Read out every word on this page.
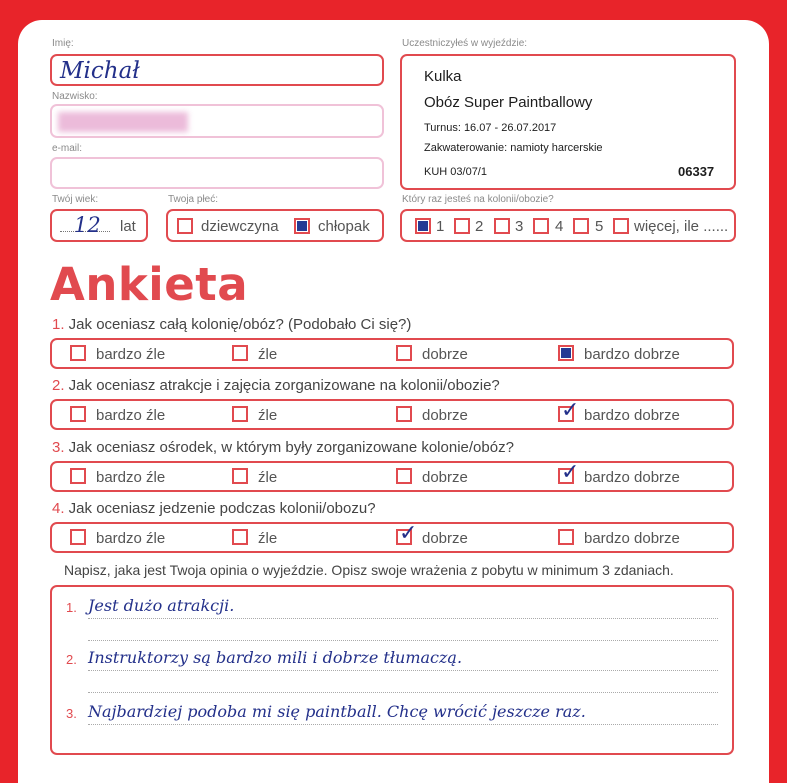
Imię:
Michał
Nazwisko:
e-mail:
Twój wiek:
12 lat
Twoja płeć:
dziewczyna	chłopak
Uczestniczyłeś w wyjeździe:
Kulka
Obóz Super Paintballowy
Turnus: 16.07 - 26.07.2017
Zakwaterowanie: namioty harcerskie
KUH 03/07/1	06337
Który raz jesteś na kolonii/obozie?
1 2 3 4 5 więcej, ile ......
Ankieta
1. Jak oceniasz całą kolonię/obóz? (Podobało Ci się?)
bardzo źle	źle	dobrze	bardzo dobrze
2. Jak oceniasz atrakcje i zajęcia zorganizowane na kolonii/obozie?
bardzo źle	źle	dobrze	✓ bardzo dobrze
3. Jak oceniasz ośrodek, w którym były zorganizowane kolonie/obóz?
bardzo źle	źle	dobrze	✓ bardzo dobrze
4. Jak oceniasz jedzenie podczas kolonii/obozu?
bardzo źle	źle	✓ dobrze	bardzo dobrze
Napisz, jaka jest Twoja opinia o wyjeździe. Opisz swoje wrażenia z pobytu w minimum 3 zdaniach.
1. Jest dużo atrakcji.
2. Instruktorzy są bardzo mili i dobrze tłumaczą.
3. Najbardziej podoba mi się paintball. Chcę wrócić jeszcze raz.
